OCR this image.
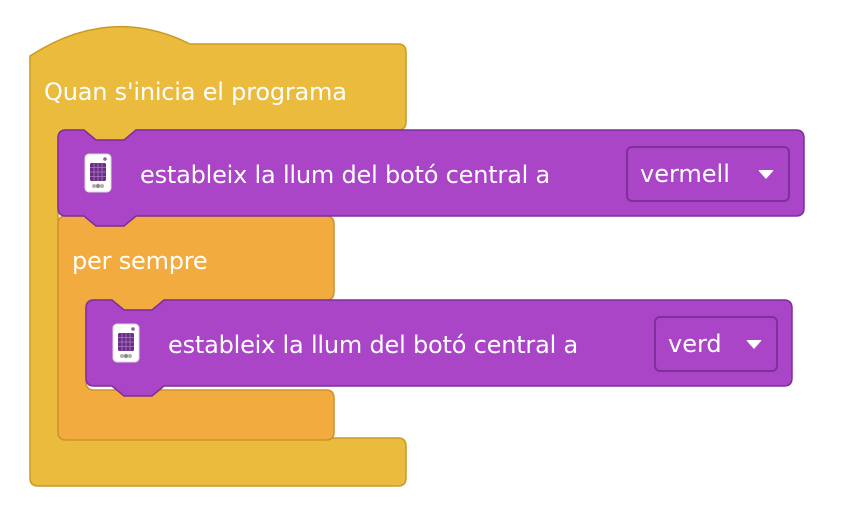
Quan s'inicia el programa
estableix la llum del botó central a	vermell
per sempre
estableix la llum del botó central a	verd
